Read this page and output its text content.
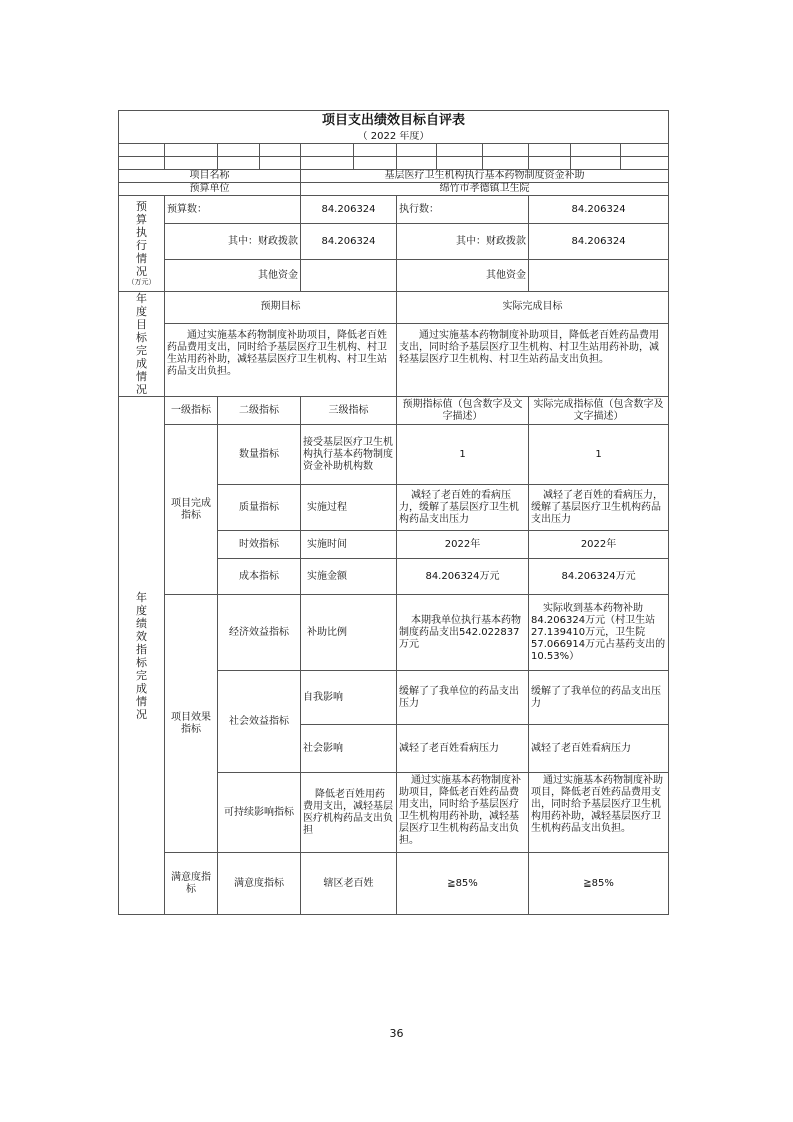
项目支出绩效目标自评表											
（ 2022 年度）											

项目名称				基层医疗卫生机构执行基本药物制度资金补助							
预算单位				绵竹市孝德镇卫生院							

预算执行情况
（万元）	预算数：			84.206324		执行数：			84.206324		
	其中：财政拨款			84.206324		其中：财政拨款			84.206324		
	其他资金					其他资金					

年度目标完成情况	预期目标					实际完成目标					
	通过实施基本药物制度补助项目，降低老百姓药品费用支出，同时给予基层医疗卫生机构、村卫生站用药补助，减轻基层医疗卫生机构、村卫生站药品支出负担。					通过实施基本药物制度补助项目，降低老百姓药品费用支出，同时给予基层医疗卫生机构、村卫生站用药补助，减轻基层医疗卫生机构、村卫生站药品支出负担。					

年度绩效指标完成情况	一级指标	二级指标		三级指标		预期指标值（包含数字及文字描述）			实际完成指标值（包含数字及文字描述）		
	项目完成指标	数量指标		接受基层医疗卫生机构执行基本药物制度资金补助机构数		1			1		
		质量指标		实施过程		减轻了老百姓的看病压力，缓解了基层医疗卫生机构药品支出压力			减轻了老百姓的看病压力，缓解了基层医疗卫生机构药品支出压力		
		时效指标		实施时间		2022年			2022年		
		成本指标		实施金额		84.206324万元			84.206324万元		
	项目效果指标	经济效益指标		补助比例		本期我单位执行基本药物制度药品支出542.022837万元			实际收到基本药物补助84.206324万元（村卫生站27.139410万元，卫生院57.066914万元占基药支出的10.53%）		
		社会效益指标		自我影响		缓解了了我单位的药品支出压力			缓解了了我单位的药品支出压力		
				社会影响		减轻了老百姓看病压力			减轻了老百姓看病压力		
		可持续影响指标		降低老百姓用药费用支出，减轻基层医疗机构药品支出负担		通过实施基本药物制度补助项目，降低老百姓药品费用支出，同时给予基层医疗卫生机构用药补助，减轻基层医疗卫生机构药品支出负担。			通过实施基本药物制度补助项目，降低老百姓药品费用支出，同时给予基层医疗卫生机构用药补助，减轻基层医疗卫生机构药品支出负担。		
	满意度指标	满意度指标		辖区老百姓		≧85%			≧85%		
36
